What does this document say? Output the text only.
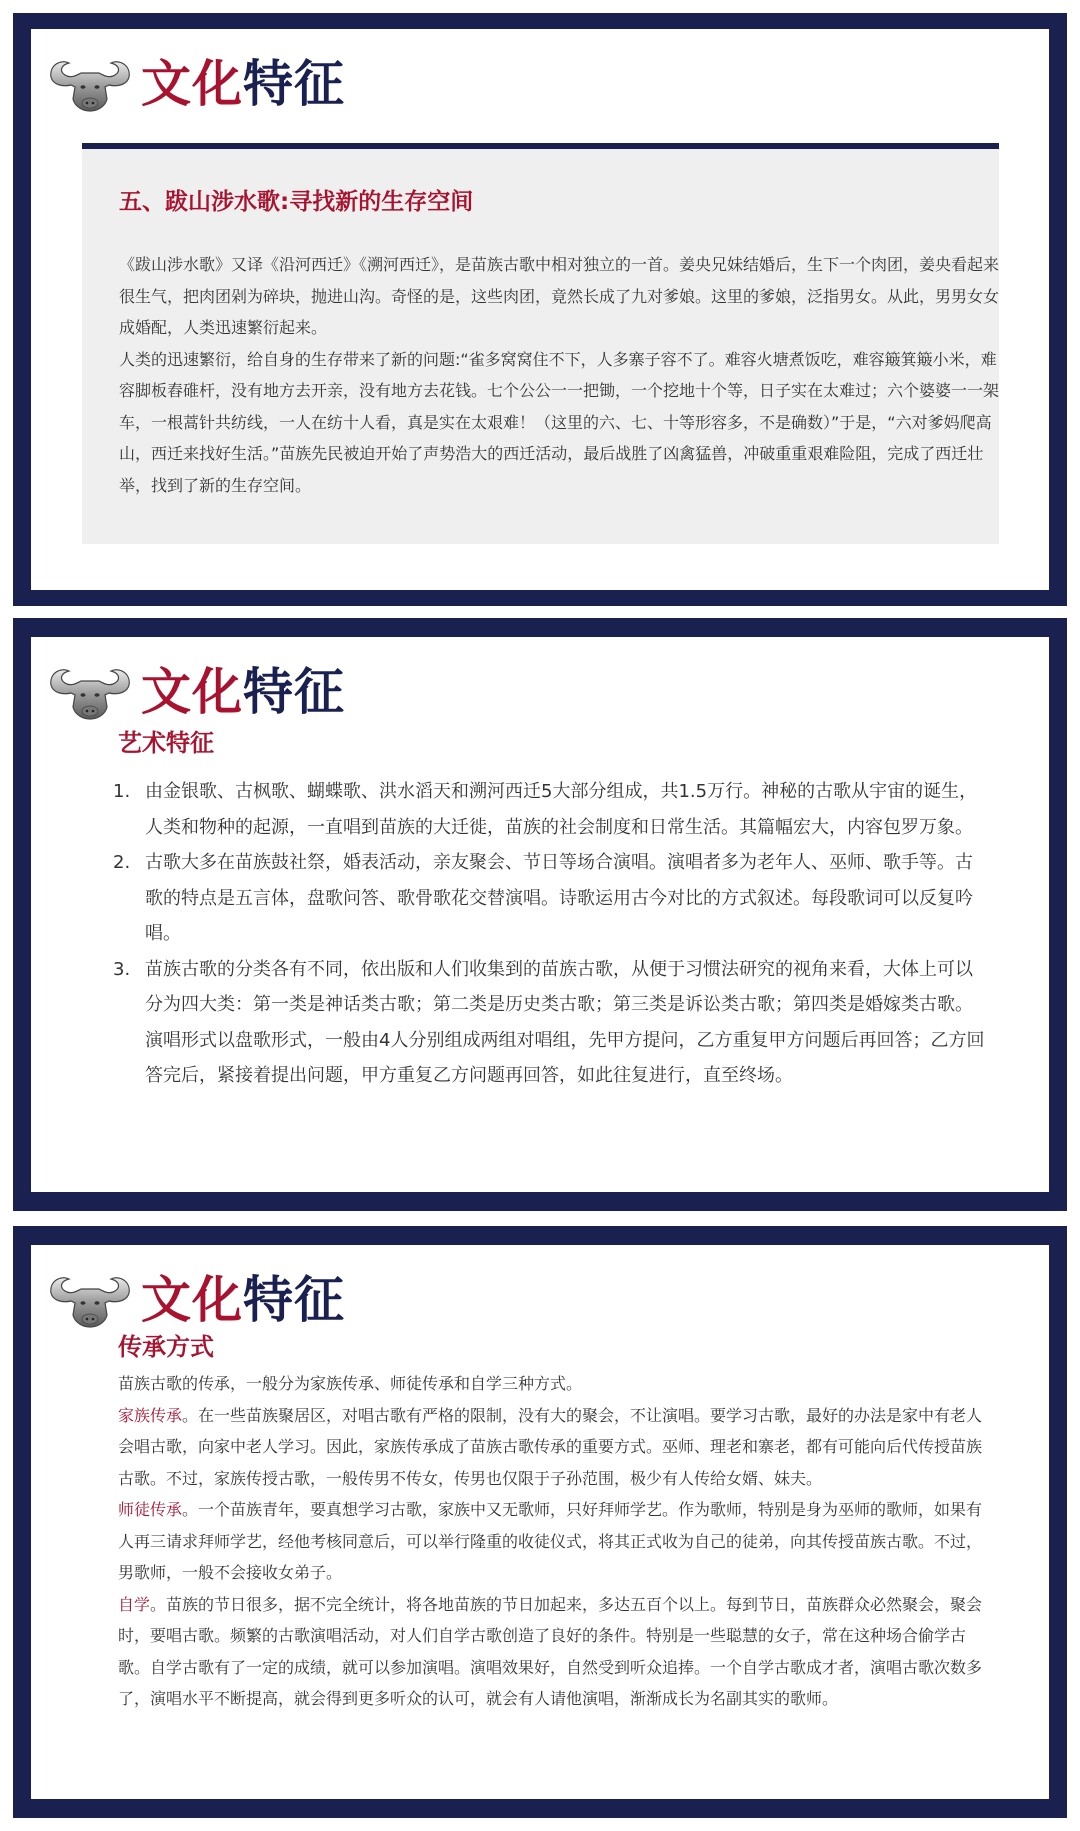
文化特征
五、跋山涉水歌:寻找新的生存空间
《跋山涉水歌》又译《沿河西迁》《溯河西迁》，是苗族古歌中相对独立的一首。姜央兄妹结婚后，生下一个肉团，姜央看起来很生气，把肉团剁为碎块，抛进山沟。奇怪的是，这些肉团，竟然长成了九对爹娘。这里的爹娘，泛指男女。从此，男男女女成婚配，人类迅速繁衍起来。
人类的迅速繁衍，给自身的生存带来了新的问题:“雀多窝窝住不下，人多寨子容不了。难容火塘煮饭吃，难容簸箕簸小米，难容脚板舂碓杆，没有地方去开亲，没有地方去花钱。七个公公一一把锄，一个挖地十个等，日子实在太难过；六个婆婆一一架车，一根蒿针共纺线，一人在纺十人看，真是实在太艰难！（这里的六、七、十等形容多，不是确数）”于是，“六对爹妈爬高山，西迁来找好生活。”苗族先民被迫开始了声势浩大的西迁活动，最后战胜了凶禽猛兽，冲破重重艰难险阻，完成了西迁壮举，找到了新的生存空间。
文化特征
艺术特征
1. 由金银歌、古枫歌、蝴蝶歌、洪水滔天和溯河西迁5大部分组成，共1.5万行。神秘的古歌从宇宙的诞生，人类和物种的起源，一直唱到苗族的大迁徙，苗族的社会制度和日常生活。其篇幅宏大，内容包罗万象。
2. 古歌大多在苗族鼓社祭，婚表活动，亲友聚会、节日等场合演唱。演唱者多为老年人、巫师、歌手等。古歌的特点是五言体，盘歌问答、歌骨歌花交替演唱。诗歌运用古今对比的方式叙述。每段歌词可以反复吟唱。
3. 苗族古歌的分类各有不同，依出版和人们收集到的苗族古歌，从便于习惯法研究的视角来看，大体上可以分为四大类：第一类是神话类古歌；第二类是历史类古歌；第三类是诉讼类古歌；第四类是婚嫁类古歌。演唱形式以盘歌形式，一般由4人分别组成两组对唱组，先甲方提问，乙方重复甲方问题后再回答；乙方回答完后，紧接着提出问题，甲方重复乙方问题再回答，如此往复进行，直至终场。
文化特征
传承方式

苗族古歌的传承，一般分为家族传承、师徒传承和自学三种方式。

家族传承。在一些苗族聚居区，对唱古歌有严格的限制，没有大的聚会，不让演唱。要学习古歌，最好的办法是家中有老人会唱古歌，向家中老人学习。因此，家族传承成了苗族古歌传承的重要方式。巫师、理老和寨老，都有可能向后代传授苗族古歌。不过，家族传授古歌，一般传男不传女，传男也仅限于子孙范围，极少有人传给女婿、妹夫。

师徒传承。一个苗族青年，要真想学习古歌，家族中又无歌师，只好拜师学艺。作为歌师，特别是身为巫师的歌师，如果有人再三请求拜师学艺，经他考核同意后，可以举行隆重的收徒仪式，将其正式收为自己的徒弟，向其传授苗族古歌。不过，男歌师，一般不会接收女弟子。

自学。苗族的节日很多，据不完全统计，将各地苗族的节日加起来，多达五百个以上。每到节日，苗族群众必然聚会，聚会时，要唱古歌。频繁的古歌演唱活动，对人们自学古歌创造了良好的条件。特别是一些聪慧的女子，常在这种场合偷学古歌。自学古歌有了一定的成绩，就可以参加演唱。演唱效果好，自然受到听众追捧。一个自学古歌成才者，演唱古歌次数多了，演唱水平不断提高，就会得到更多听众的认可，就会有人请他演唱，渐渐成长为名副其实的歌师。
